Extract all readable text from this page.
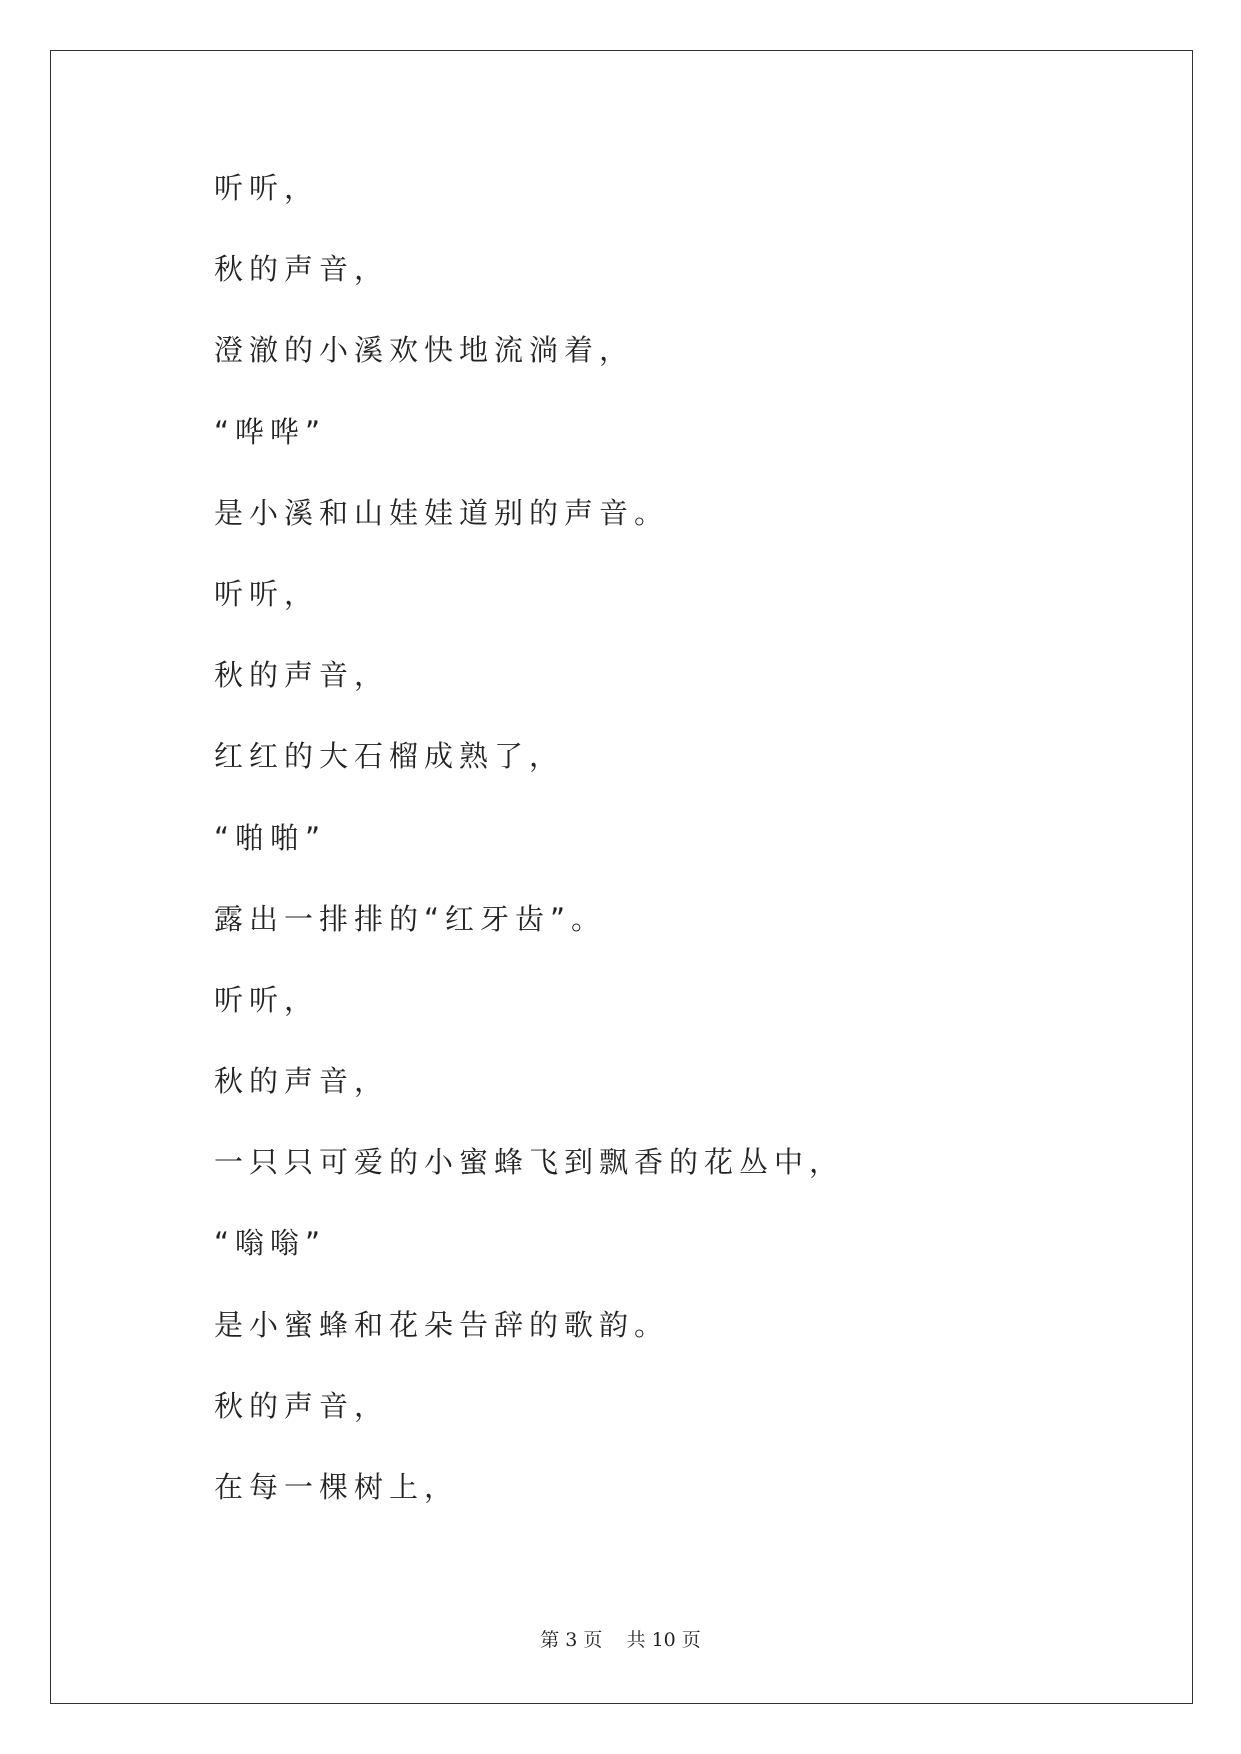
听听，
秋的声音，
澄澈的小溪欢快地流淌着，
“哗哗”
是小溪和山娃娃道别的声音。
听听，
秋的声音，
红红的大石榴成熟了，
“啪啪”
露出一排排的“红牙齿”。
听听，
秋的声音，
一只只可爱的小蜜蜂飞到飘香的花丛中，
“嗡嗡”
是小蜜蜂和花朵告辞的歌韵。
秋的声音，
在每一棵树上，
第 3 页    共 10 页
